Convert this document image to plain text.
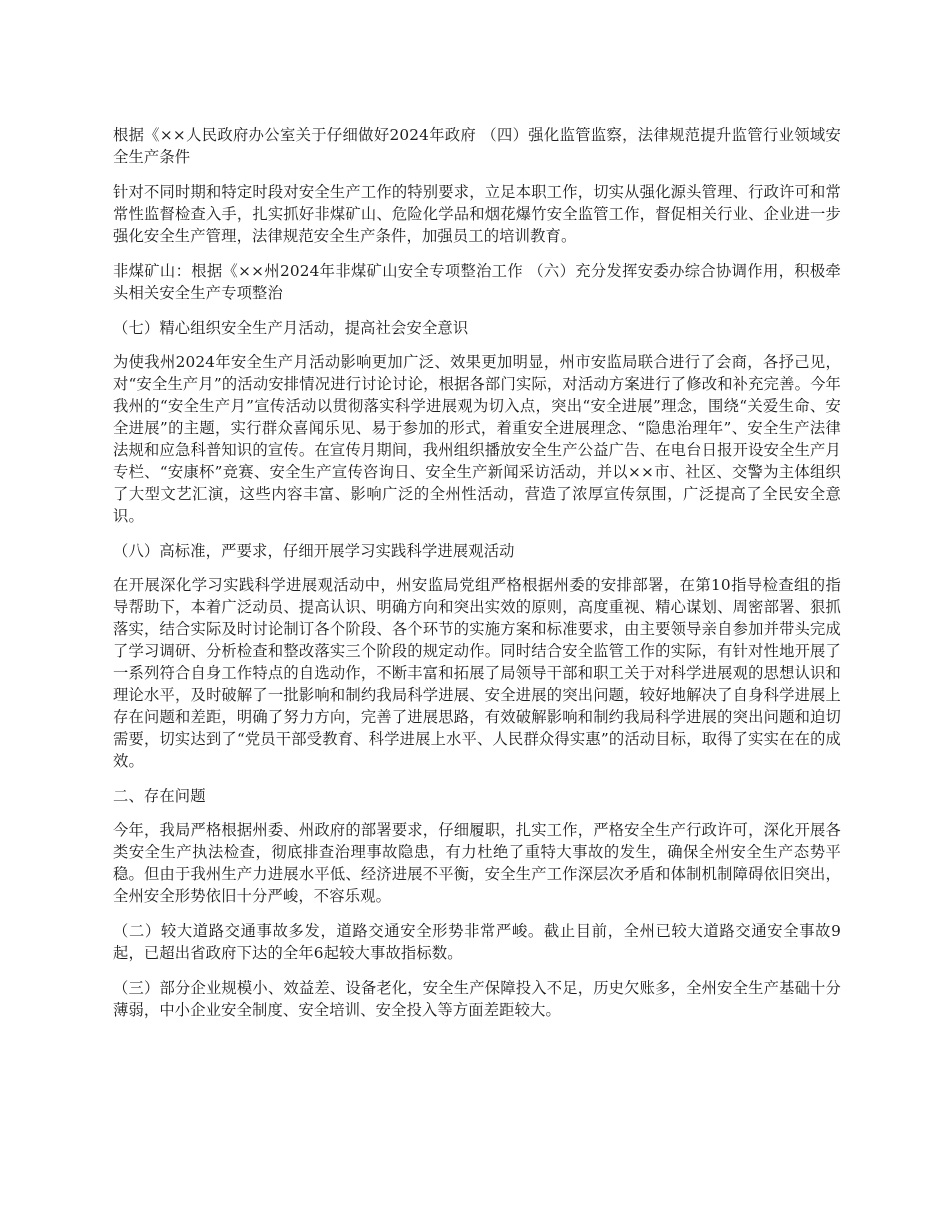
根据《××人民政府办公室关于仔细做好2024年政府 （四）强化监管监察，法律规范提升监管行业领域安全生产条件

针对不同时期和特定时段对安全生产工作的特别要求，立足本职工作，切实从强化源头管理、行政许可和常常性监督检查入手，扎实抓好非煤矿山、危险化学品和烟花爆竹安全监管工作，督促相关行业、企业进一步强化安全生产管理，法律规范安全生产条件，加强员工的培训教育。

非煤矿山：根据《××州2024年非煤矿山安全专项整治工作 （六）充分发挥安委办综合协调作用，积极牵头相关安全生产专项整治

（七）精心组织安全生产月活动，提高社会安全意识

为使我州2024年安全生产月活动影响更加广泛、效果更加明显，州市安监局联合进行了会商，各抒己见，对“安全生产月”的活动安排情况进行讨论讨论，根据各部门实际，对活动方案进行了修改和补充完善。今年我州的“安全生产月”宣传活动以贯彻落实科学进展观为切入点，突出“安全进展”理念，围绕“关爱生命、安全进展”的主题，实行群众喜闻乐见、易于参加的形式，着重安全进展理念、“隐患治理年”、安全生产法律法规和应急科普知识的宣传。在宣传月期间，我州组织播放安全生产公益广告、在电台日报开设安全生产月专栏、“安康杯”竞赛、安全生产宣传咨询日、安全生产新闻采访活动，并以××市、社区、交警为主体组织了大型文艺汇演，这些内容丰富、影响广泛的全州性活动，营造了浓厚宣传氛围，广泛提高了全民安全意识。

（八）高标准，严要求，仔细开展学习实践科学进展观活动

在开展深化学习实践科学进展观活动中，州安监局党组严格根据州委的安排部署，在第10指导检查组的指导帮助下，本着广泛动员、提高认识、明确方向和突出实效的原则，高度重视、精心谋划、周密部署、狠抓落实，结合实际及时讨论制订各个阶段、各个环节的实施方案和标准要求，由主要领导亲自参加并带头完成了学习调研、分析检查和整改落实三个阶段的规定动作。同时结合安全监管工作的实际，有针对性地开展了一系列符合自身工作特点的自选动作，不断丰富和拓展了局领导干部和职工关于对科学进展观的思想认识和理论水平，及时破解了一批影响和制约我局科学进展、安全进展的突出问题，较好地解决了自身科学进展上存在问题和差距，明确了努力方向，完善了进展思路，有效破解影响和制约我局科学进展的突出问题和迫切需要，切实达到了“党员干部受教育、科学进展上水平、人民群众得实惠”的活动目标，取得了实实在在的成效。

二、存在问题

今年，我局严格根据州委、州政府的部署要求，仔细履职，扎实工作，严格安全生产行政许可，深化开展各类安全生产执法检查，彻底排查治理事故隐患，有力杜绝了重特大事故的发生，确保全州安全生产态势平稳。但由于我州生产力进展水平低、经济进展不平衡，安全生产工作深层次矛盾和体制机制障碍依旧突出，全州安全形势依旧十分严峻，不容乐观。

（二）较大道路交通事故多发，道路交通安全形势非常严峻。截止目前，全州已较大道路交通安全事故9起，已超出省政府下达的全年6起较大事故指标数。

（三）部分企业规模小、效益差、设备老化，安全生产保障投入不足，历史欠账多，全州安全生产基础十分薄弱，中小企业安全制度、安全培训、安全投入等方面差距较大。
